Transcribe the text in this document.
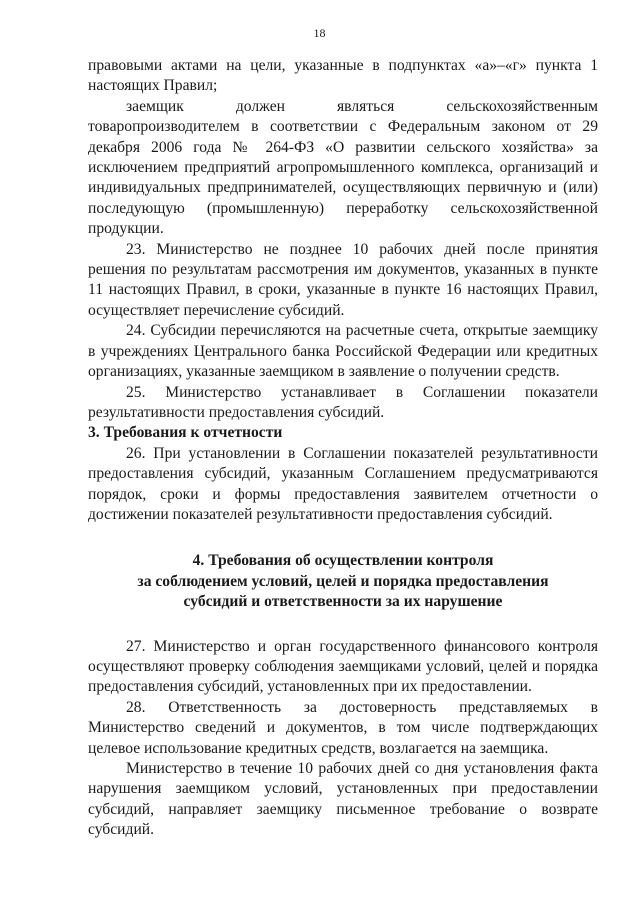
18

правовыми актами на цели, указанные в подпунктах «а»–«г» пункта 1 настоящих Правил;

заемщик должен являться сельскохозяйственным товаропроизводителем в соответствии с Федеральным законом от 29 декабря 2006 года № 264-ФЗ «О развитии сельского хозяйства» за исключением предприятий агропромышленного комплекса, организаций и индивидуальных предпринимателей, осуществляющих первичную и (или) последующую (промышленную) переработку сельскохозяйственной продукции.

23. Министерство не позднее 10 рабочих дней после принятия решения по результатам рассмотрения им документов, указанных в пункте 11 настоящих Правил, в сроки, указанные в пункте 16 настоящих Правил, осуществляет перечисление субсидий.

24. Субсидии перечисляются на расчетные счета, открытые заемщику в учреждениях Центрального банка Российской Федерации или кредитных организациях, указанные заемщиком в заявление о получении средств.

25. Министерство устанавливает в Соглашении показатели результативности предоставления субсидий.

3. Требования к отчетности

26. При установлении в Соглашении показателей результативности предоставления субсидий, указанным Соглашением предусматриваются порядок, сроки и формы предоставления заявителем отчетности о достижении показателей результативности предоставления субсидий.

4. Требования об осуществлении контроля
за соблюдением условий, целей и порядка предоставления
субсидий и ответственности за их нарушение

27. Министерство и орган государственного финансового контроля осуществляют проверку соблюдения заемщиками условий, целей и порядка предоставления субсидий, установленных при их предоставлении.

28. Ответственность за достоверность представляемых в Министерство сведений и документов, в том числе подтверждающих целевое использование кредитных средств, возлагается на заемщика.

Министерство в течение 10 рабочих дней со дня установления факта нарушения заемщиком условий, установленных при предоставлении субсидий, направляет заемщику письменное требование о возврате субсидий.
